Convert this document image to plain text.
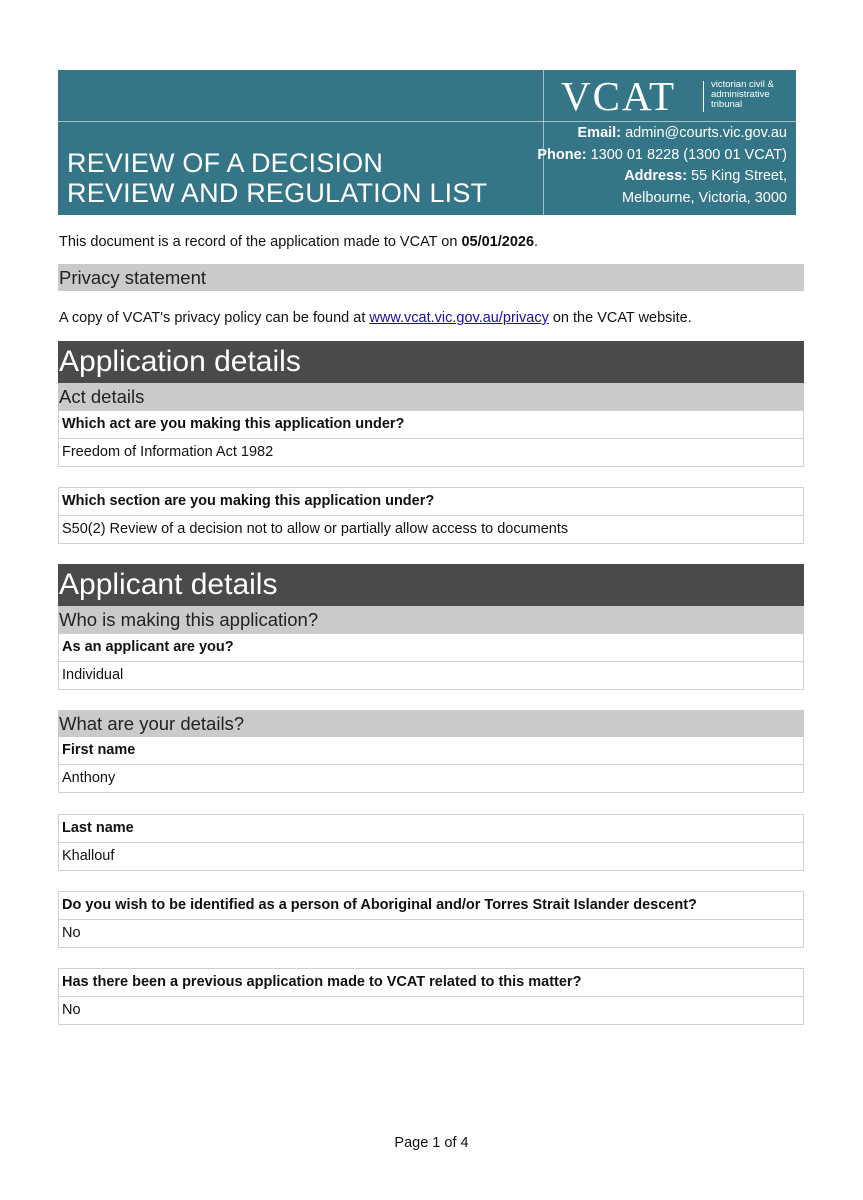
REVIEW OF A DECISION
REVIEW AND REGULATION LIST
VCAT	victorian civil &
administrative
tribunal
Email: admin@courts.vic.gov.au
Phone: 1300 01 8228 (1300 01 VCAT)
Address: 55 King Street,
Melbourne, Victoria, 3000
This document is a record of the application made to VCAT on 05/01/2026.
Privacy statement
A copy of VCAT's privacy policy can be found at www.vcat.vic.gov.au/privacy on the VCAT website.
Application details
Act details
Which act are you making this application under?
Freedom of Information Act 1982
Which section are you making this application under?
S50(2) Review of a decision not to allow or partially allow access to documents
Applicant details
Who is making this application?
As an applicant are you?
Individual
What are your details?
First name
Anthony
Last name
Khallouf
Do you wish to be identified as a person of Aboriginal and/or Torres Strait Islander descent?
No
Has there been a previous application made to VCAT related to this matter?
No
Page 1 of 4
